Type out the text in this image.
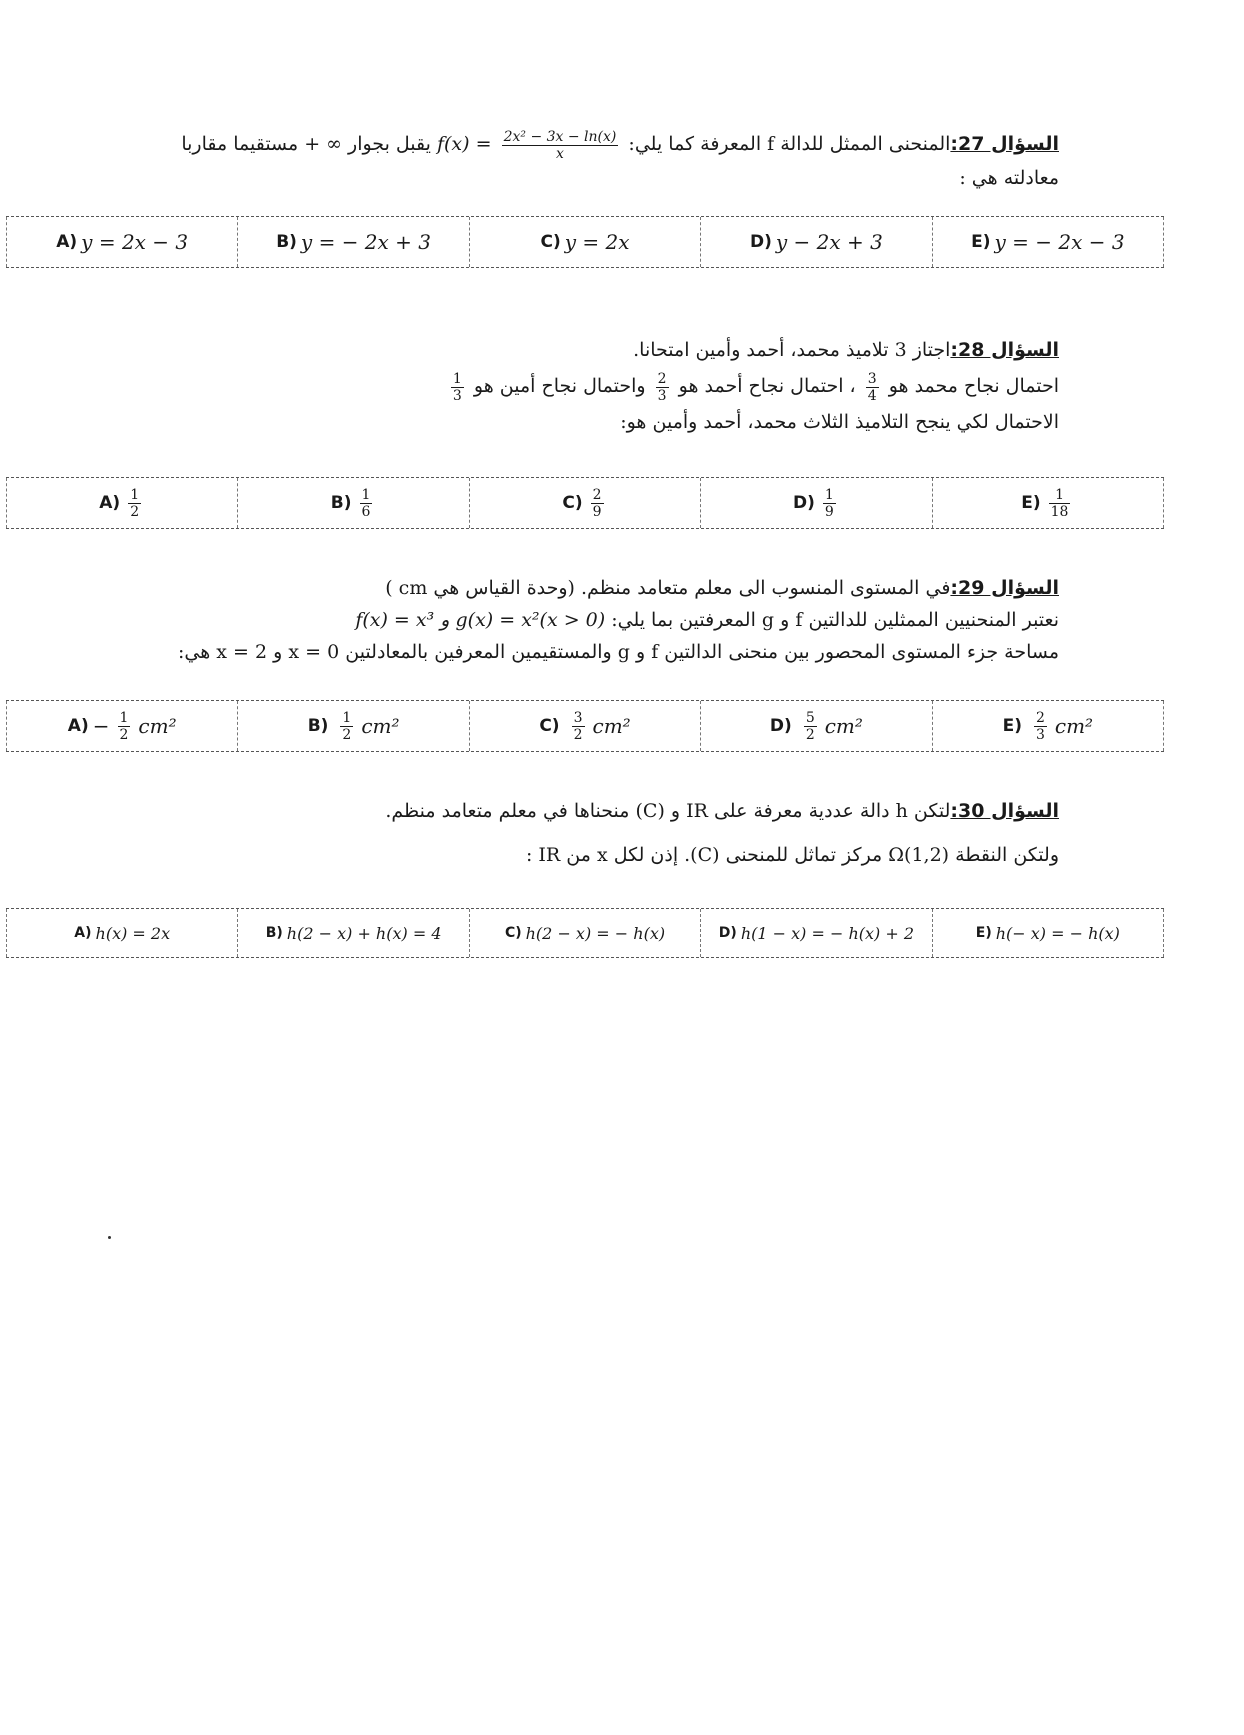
السؤال 27:المنحنى الممثل للدالة f المعرفة كما يلي: $f(x) = \frac{\text{2x² − 3x − ln(x)}}{x}$
يقبل بجوار ∞ + مستقيما مقاربا
معادلته هي :
A) y = 2x − 3	B) y = − 2x + 3	C) y = 2x	D) y − 2x + 3	E) y = − 2x − 3
السؤال 28:اجتاز 3 تلاميذ محمد، أحمد وأمين امتحانا.
احتمال نجاح محمد هو
$\frac{3}{4}$
، احتمال نجاح أحمد هو
$\frac{2}{3}$
واحتمال نجاح أمين هو
$\frac{1}{3}$
الاحتمال لكي ينجح التلاميذ الثلاث محمد، أحمد وأمين هو:
$A) \frac{1}{2}$	$B) \frac{1}{6}$	$C) \frac{2}{9}$	$D) \frac{1}{9}$	$E) \frac{1}{18}$
السؤال 29:في المستوى المنسوب الى معلم متعامد منظم. (وحدة القياس هي cm )
نعتبر المنحنيين الممثلين للدالتين f و g المعرفتين بما يلي: f(x) = x³ و g(x) = x²(x > 0)
مساحة جزء المستوى المحصور بين منحنى الدالتين f و g والمستقيمين المعرفين بالمعادلتين x = 0 و x = 2 هي:
$A) - \frac{1}{2} cm^2$	$B) \frac{1}{2} cm^2$	$C) \frac{3}{2} cm^2$	$D) \frac{5}{2} cm^2$	$E) \frac{2}{3} cm^2$
السؤال 30:لتكن h دالة عددية معرفة على IR و (C) منحناها في معلم متعامد منظم.
ولتكن النقطة Ω(1,2) مركز تماثل للمنحنى (C). إذن لكل x من IR :
A) h(x) = 2x	B) h(2 − x) + h(x) = 4	C) h(2 − x) = − h(x)	D) h(1 − x) = − h(x) + 2	E) h(− x) = − h(x)
